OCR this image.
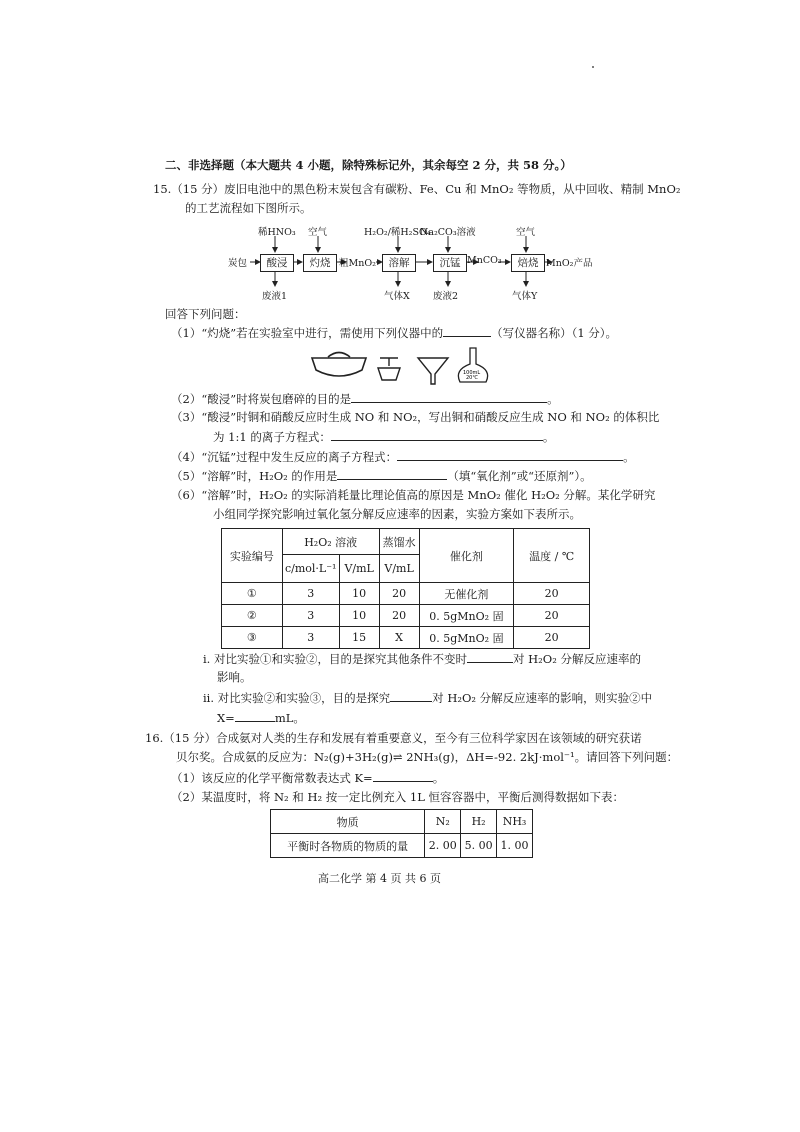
二、非选择题（本大题共 4 小题，除特殊标记外，其余每空 2 分，共 58 分。）
15.（15 分）废旧电池中的黑色粉末炭包含有碳粉、Fe、Cu 和 MnO₂ 等物质，从中回收、精制 MnO₂
的工艺流程如下图所示。
炭包	酸浸	灼烧 粗MnO₂	溶解	沉锰 MnCO₃	焙烧 MnO₂产品
稀HNO₃ 空气	H₂O₂/稀H₂SO₄
Na₂CO₃溶液	空气
废液1	气体X 废液2	气体Y
回答下列问题：
（1）“灼烧”若在实验室中进行，需使用下列仪器中的	（写仪器名称）（1 分）。
100mL
20℃
（2）“酸浸”时将炭包磨碎的目的是	。
（3）“酸浸”时铜和硝酸反应时生成 NO 和 NO₂，写出铜和硝酸反应生成 NO 和 NO₂ 的体积比
为 1:1 的离子方程式：	。
（4）“沉锰”过程中发生反应的离子方程式：	。
（5）“溶解”时，H₂O₂ 的作用是	（填“氧化剂”或“还原剂”）。
（6）“溶解”时，H₂O₂ 的实际消耗量比理论值高的原因是 MnO₂ 催化 H₂O₂ 分解。某化学研究
小组同学探究影响过氧化氢分解反应速率的因素，实验方案如下表所示。
实验编号	H₂O₂ 溶液		蒸馏水	催化剂	温度 / ℃
	c/mol·L⁻¹	V/mL	V/mL		
①	3	10	20	无催化剂	20
②	3	10	20	0. 5gMnO₂ 固	20
③	3	15	X	0. 5gMnO₂ 固	20
i. 对比实验①和实验②，目的是探究其他条件不变时	对 H₂O₂ 分解反应速率的
影响。
ii. 对比实验②和实验③，目的是探究	对 H₂O₂ 分解反应速率的影响，则实验②中
X=	mL。
16.（15 分）合成氨对人类的生存和发展有着重要意义，至今有三位科学家因在该领域的研究获诺
贝尔奖。合成氨的反应为：N₂(g)+3H₂(g)⇌ 2NH₃(g)，ΔH=-92. 2kJ·mol⁻¹。请回答下列问题：
（1）该反应的化学平衡常数表达式 K=	。
（2）某温度时，将 N₂ 和 H₂ 按一定比例充入 1L 恒容容器中，平衡后测得数据如下表：
物质	N₂	H₂	NH₃
平衡时各物质的物质的量	2. 00	5. 00	1. 00
高二化学 第 4 页 共 6 页
